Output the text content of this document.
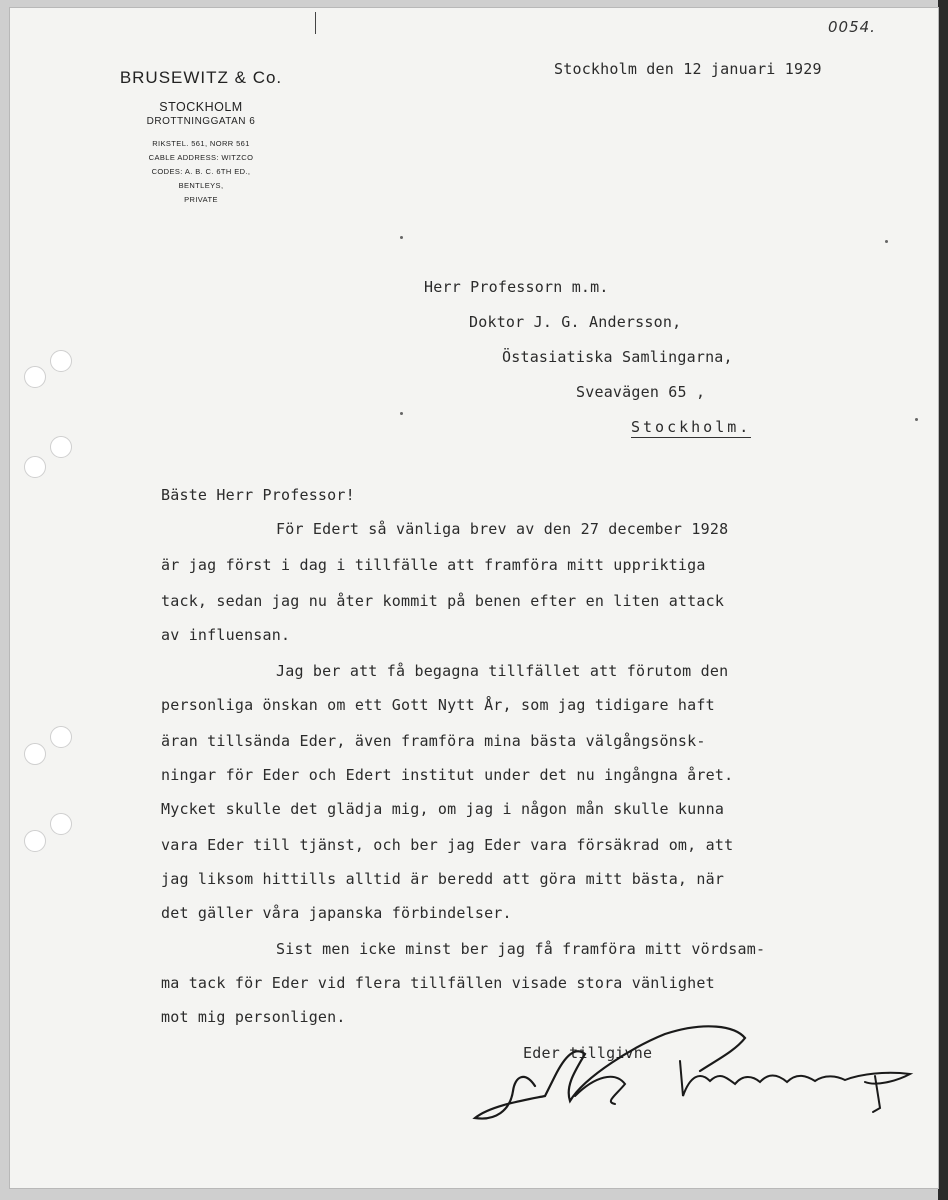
0054.
BRUSEWITZ & Co.
STOCKHOLM
DROTTNINGGATAN 6
RIKSTEL. 561, NORR 561
CABLE ADDRESS: WITZCO
CODES: A. B. C. 6TH ED.,
BENTLEYS,
PRIVATE
Stockholm den 12 januari 1929
Herr Professorn m.m.
Doktor J. G. Andersson,
Östasiatiska Samlingarna,
Sveavägen 65 ,
Stockholm.
Bäste Herr Professor!
För Edert så vänliga brev av den 27 december 1928
är jag först i dag i tillfälle att framföra mitt uppriktiga
tack, sedan jag nu åter kommit på benen efter en liten attack
av influensan.
Jag ber att få begagna tillfället att förutom den
personliga önskan om ett Gott Nytt År, som jag tidigare haft
äran tillsända Eder, även framföra mina bästa välgångsönsk-
ningar för Eder och Edert institut under det nu ingångna året.
Mycket skulle det glädja mig, om jag i någon mån skulle kunna
vara Eder till tjänst, och ber jag Eder vara försäkrad om, att
jag liksom hittills alltid är beredd att göra mitt bästa, när
det gäller våra japanska förbindelser.
Sist men icke minst ber jag få framföra mitt vördsam-
ma tack för Eder vid flera tillfällen visade stora vänlighet
mot mig personligen.
Eder tillgivne
